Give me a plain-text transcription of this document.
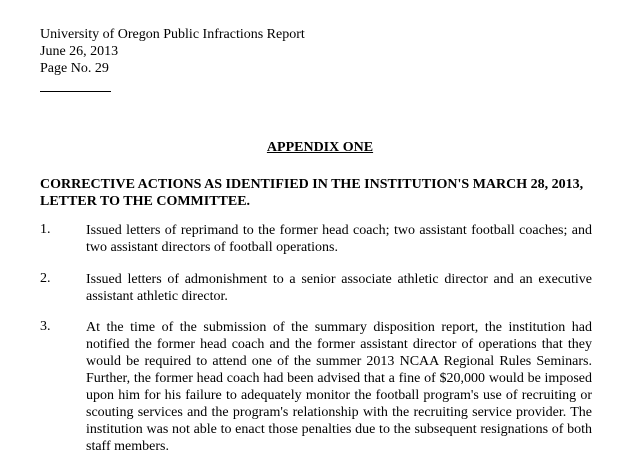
University of Oregon Public Infractions Report
June 26, 2013
Page No. 29
APPENDIX ONE
CORRECTIVE ACTIONS AS IDENTIFIED IN THE INSTITUTION'S MARCH 28, 2013, LETTER TO THE COMMITTEE.
1.	Issued letters of reprimand to the former head coach; two assistant football coaches; and two assistant directors of football operations.
2.	Issued letters of admonishment to a senior associate athletic director and an executive assistant athletic director.
3.	At the time of the submission of the summary disposition report, the institution had notified the former head coach and the former assistant director of operations that they would be required to attend one of the summer 2013 NCAA Regional Rules Seminars. Further, the former head coach had been advised that a fine of $20,000 would be imposed upon him for his failure to adequately monitor the football program's use of recruiting or scouting services and the program's relationship with the recruiting service provider. The institution was not able to enact those penalties due to the subsequent resignations of both staff members.
